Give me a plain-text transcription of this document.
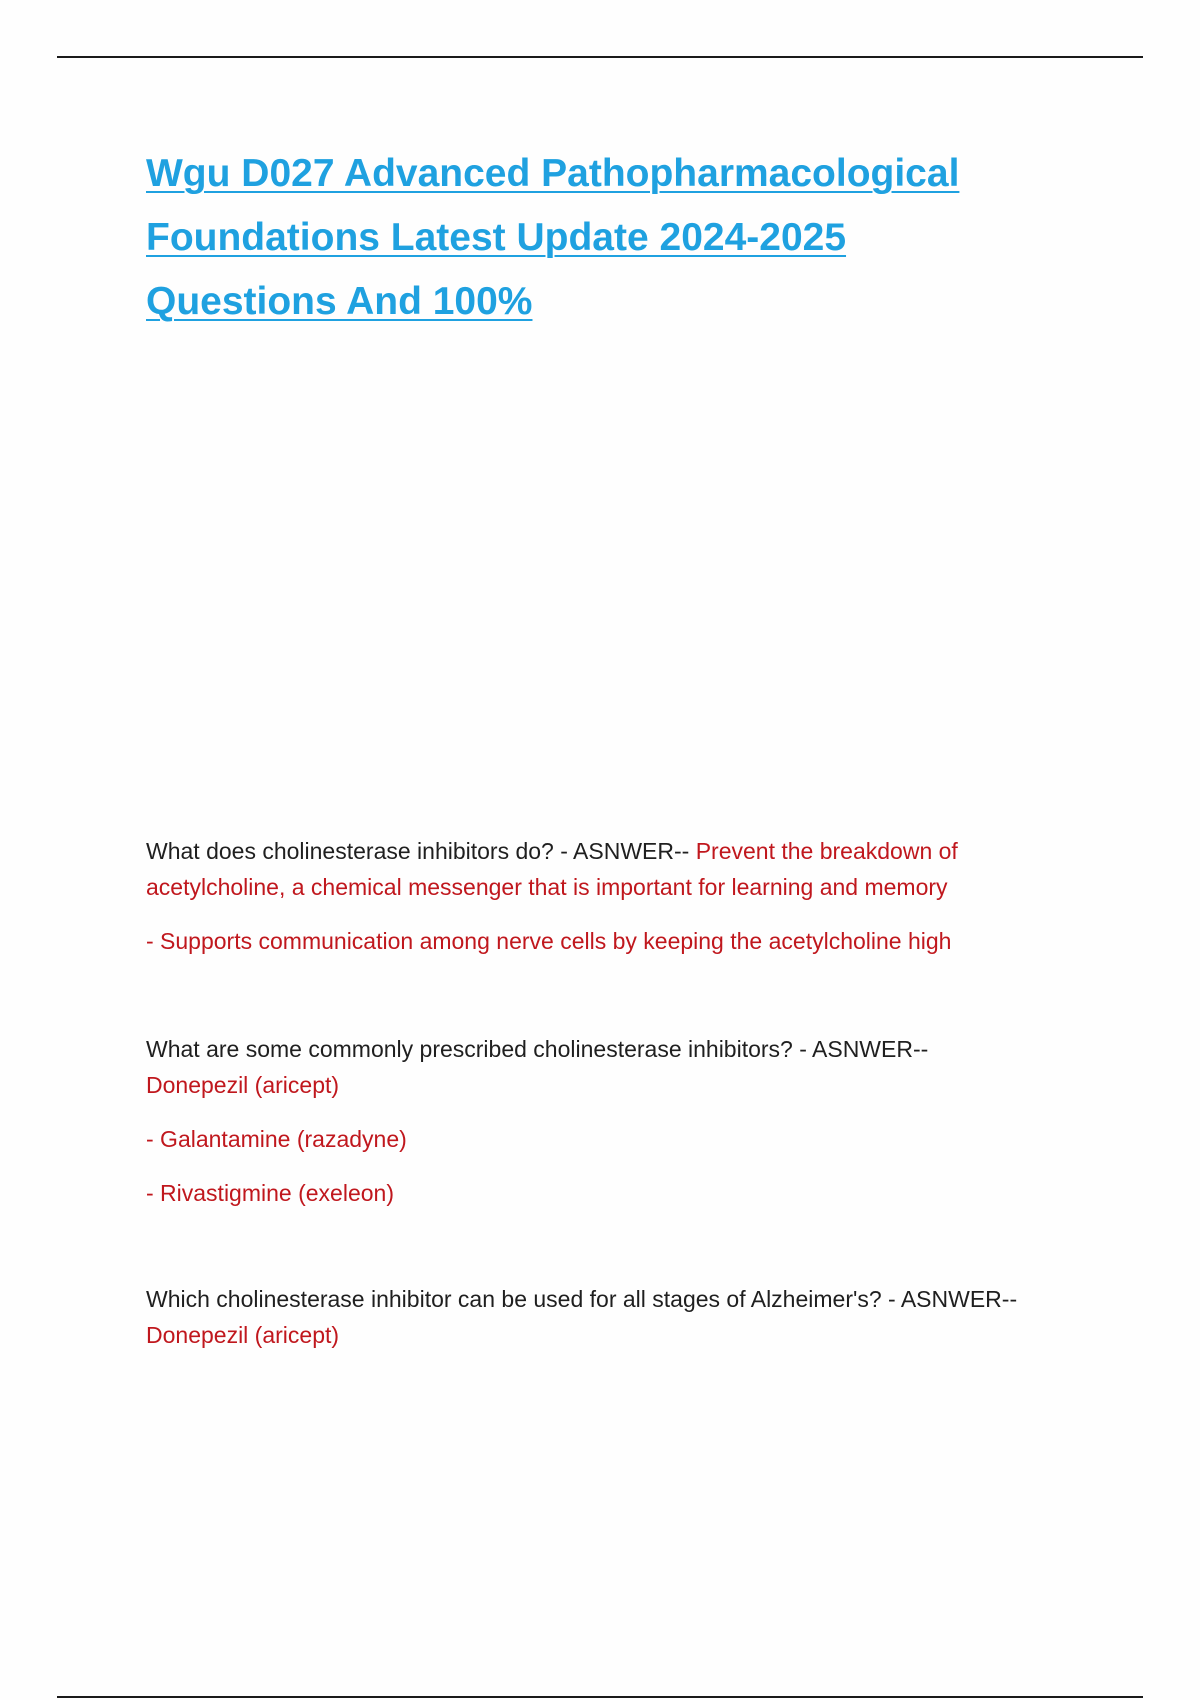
Wgu D027 Advanced Pathopharmacological
Foundations Latest Update 2024-2025
Questions And 100%

What does cholinesterase inhibitors do? - ASNWER-- Prevent the breakdown of acetylcholine, a chemical messenger that is important for learning and memory

- Supports communication among nerve cells by keeping the acetylcholine high

What are some commonly prescribed cholinesterase inhibitors? - ASNWER--
Donepezil (aricept)

- Galantamine (razadyne)

- Rivastigmine (exeleon)

Which cholinesterase inhibitor can be used for all stages of Alzheimer's? - ASNWER-- Donepezil (aricept)
